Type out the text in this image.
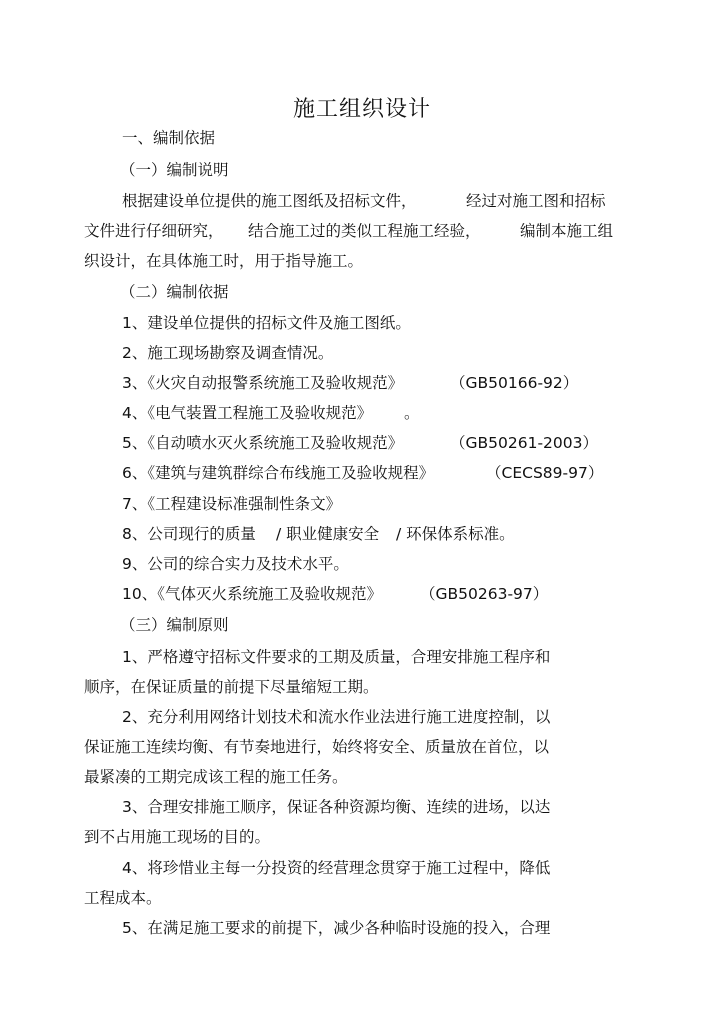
施工组织设计
一、编制依据
（一）编制说明
根据建设单位提供的施工图纸及招标文件，	经过对施工图和招标
文件进行仔细研究， 结合施工过的类似工程施工经验，	编制本施工组
织设计，在具体施工时，用于指导施工。
（二）编制依据
1、建设单位提供的招标文件及施工图纸。
2、施工现场勘察及调查情况。
3、《火灾自动报警系统施工及验收规范》	（GB50166-92）
4、《电气装置工程施工及验收规范》 。
5、《自动喷水灭火系统施工及验收规范》	（GB50261-2003）
6、《建筑与建筑群综合布线施工及验收规程》	（CECS89-97）
7、《工程建设标准强制性条文》
8、公司现行的质量 / 职业健康安全 / 环保体系标准。
9、公司的综合实力及技术水平。
10、《气体灭火系统施工及验收规范》 （GB50263-97）
（三）编制原则
1、严格遵守招标文件要求的工期及质量，合理安排施工程序和
顺序，在保证质量的前提下尽量缩短工期。
2、充分利用网络计划技术和流水作业法进行施工进度控制，以
保证施工连续均衡、有节奏地进行，始终将安全、质量放在首位，以
最紧凑的工期完成该工程的施工任务。
3、合理安排施工顺序，保证各种资源均衡、连续的进场，以达
到不占用施工现场的目的。
4、将珍惜业主每一分投资的经营理念贯穿于施工过程中，降低
工程成本。
5、在满足施工要求的前提下，减少各种临时设施的投入，合理
